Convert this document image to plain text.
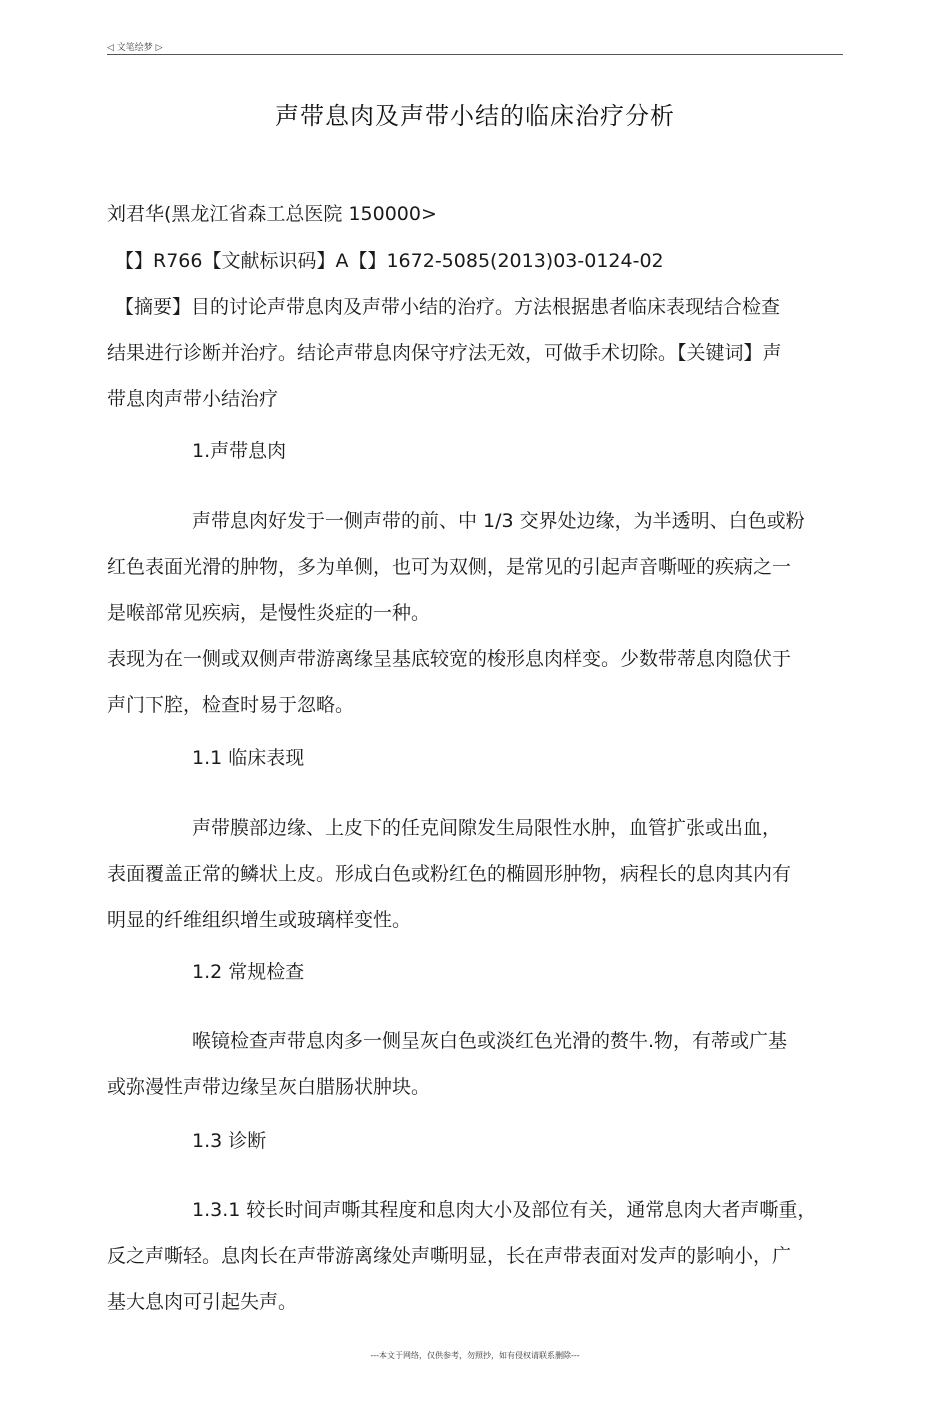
◁ 文笔绘梦 ▷
声带息肉及声带小结的临床治疗分析
刘君华(黑龙江省森工总医院 150000>
【】R766【文献标识码】A【】1672-5085(2013)03-0124-02
【摘要】目的讨论声带息肉及声带小结的治疗。方法根据患者临床表现结合检查
结果进行诊断并治疗。结论声带息肉保守疗法无效，可做手术切除。【关键词】声
带息肉声带小结治疗
1.声带息肉
声带息肉好发于一侧声带的前、中 1/3 交界处边缘，为半透明、白色或粉
红色表面光滑的肿物，多为单侧，也可为双侧，是常见的引起声音嘶哑的疾病之一
是喉部常见疾病，是慢性炎症的一种。
表现为在一侧或双侧声带游离缘呈基底较宽的梭形息肉样变。少数带蒂息肉隐伏于
声门下腔，检查时易于忽略。
1.1 临床表现
声带膜部边缘、上皮下的任克间隙发生局限性水肿，血管扩张或出血，
表面覆盖正常的鳞状上皮。形成白色或粉红色的椭圆形肿物，病程长的息肉其内有
明显的纤维组织增生或玻璃样变性。
1.2 常规检查
喉镜检查声带息肉多一侧呈灰白色或淡红色光滑的赘牛.物，有蒂或广基
或弥漫性声带边缘呈灰白腊肠状肿块。
1.3 诊断
1.3.1 较长时间声嘶其程度和息肉大小及部位有关，通常息肉大者声嘶重，
反之声嘶轻。息肉长在声带游离缘处声嘶明显，长在声带表面对发声的影响小，广
基大息肉可引起失声。
---本文于网络，仅供参考，勿照抄，如有侵权请联系删除---
